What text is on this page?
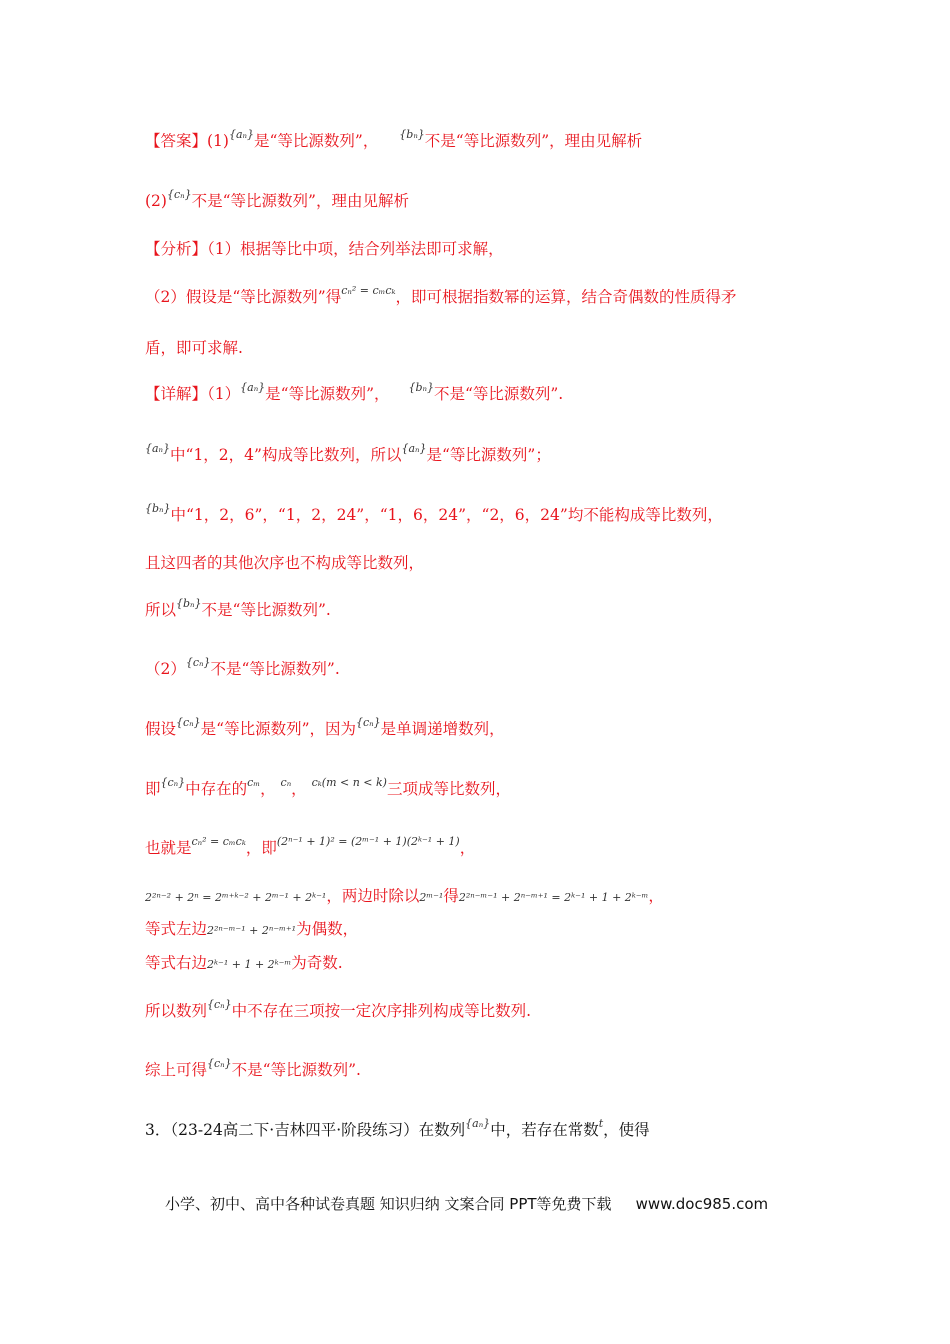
【答案】(1){aₙ}是“等比源数列”， {bₙ}不是“等比源数列”，理由见解析
(2){cₙ}不是“等比源数列”，理由见解析
【分析】（1）根据等比中项，结合列举法即可求解，
（2）假设是“等比源数列”得cₙ² = cₘcₖ，即可根据指数幂的运算，结合奇偶数的性质得矛
盾，即可求解.
【详解】（1）{aₙ}是“等比源数列”， {bₙ}不是“等比源数列”.
{aₙ}中“1，2，4”构成等比数列，所以{aₙ}是“等比源数列”；
{bₙ}中“1，2，6”，“1，2，24”，“1，6，24”，“2，6，24”均不能构成等比数列，
且这四者的其他次序也不构成等比数列，
所以{bₙ}不是“等比源数列”.
（2）{cₙ}不是“等比源数列”.
假设{cₙ}是“等比源数列”，因为{cₙ}是单调递增数列，
即{cₙ}中存在的cₘ， cₙ， cₖ(m < n < k)三项成等比数列，
也就是cₙ² = cₘcₖ，即(2ⁿ⁻¹ + 1)² = (2ᵐ⁻¹ + 1)(2ᵏ⁻¹ + 1)，
2²ⁿ⁻² + 2ⁿ = 2ᵐ⁺ᵏ⁻² + 2ᵐ⁻¹ + 2ᵏ⁻¹，两边时除以2ᵐ⁻¹得2²ⁿ⁻ᵐ⁻¹ + 2ⁿ⁻ᵐ⁺¹ = 2ᵏ⁻¹ + 1 + 2ᵏ⁻ᵐ，
等式左边2²ⁿ⁻ᵐ⁻¹ + 2ⁿ⁻ᵐ⁺¹为偶数，
等式右边2ᵏ⁻¹ + 1 + 2ᵏ⁻ᵐ为奇数.
所以数列{cₙ}中不存在三项按一定次序排列构成等比数列.
综上可得{cₙ}不是“等比源数列”.
3．（23-24高二下·吉林四平·阶段练习）在数列{aₙ}中，若存在常数t，使得
小学、初中、高中各种试卷真题 知识归纳 文案合同 PPT等免费下载 www.doc985.com
